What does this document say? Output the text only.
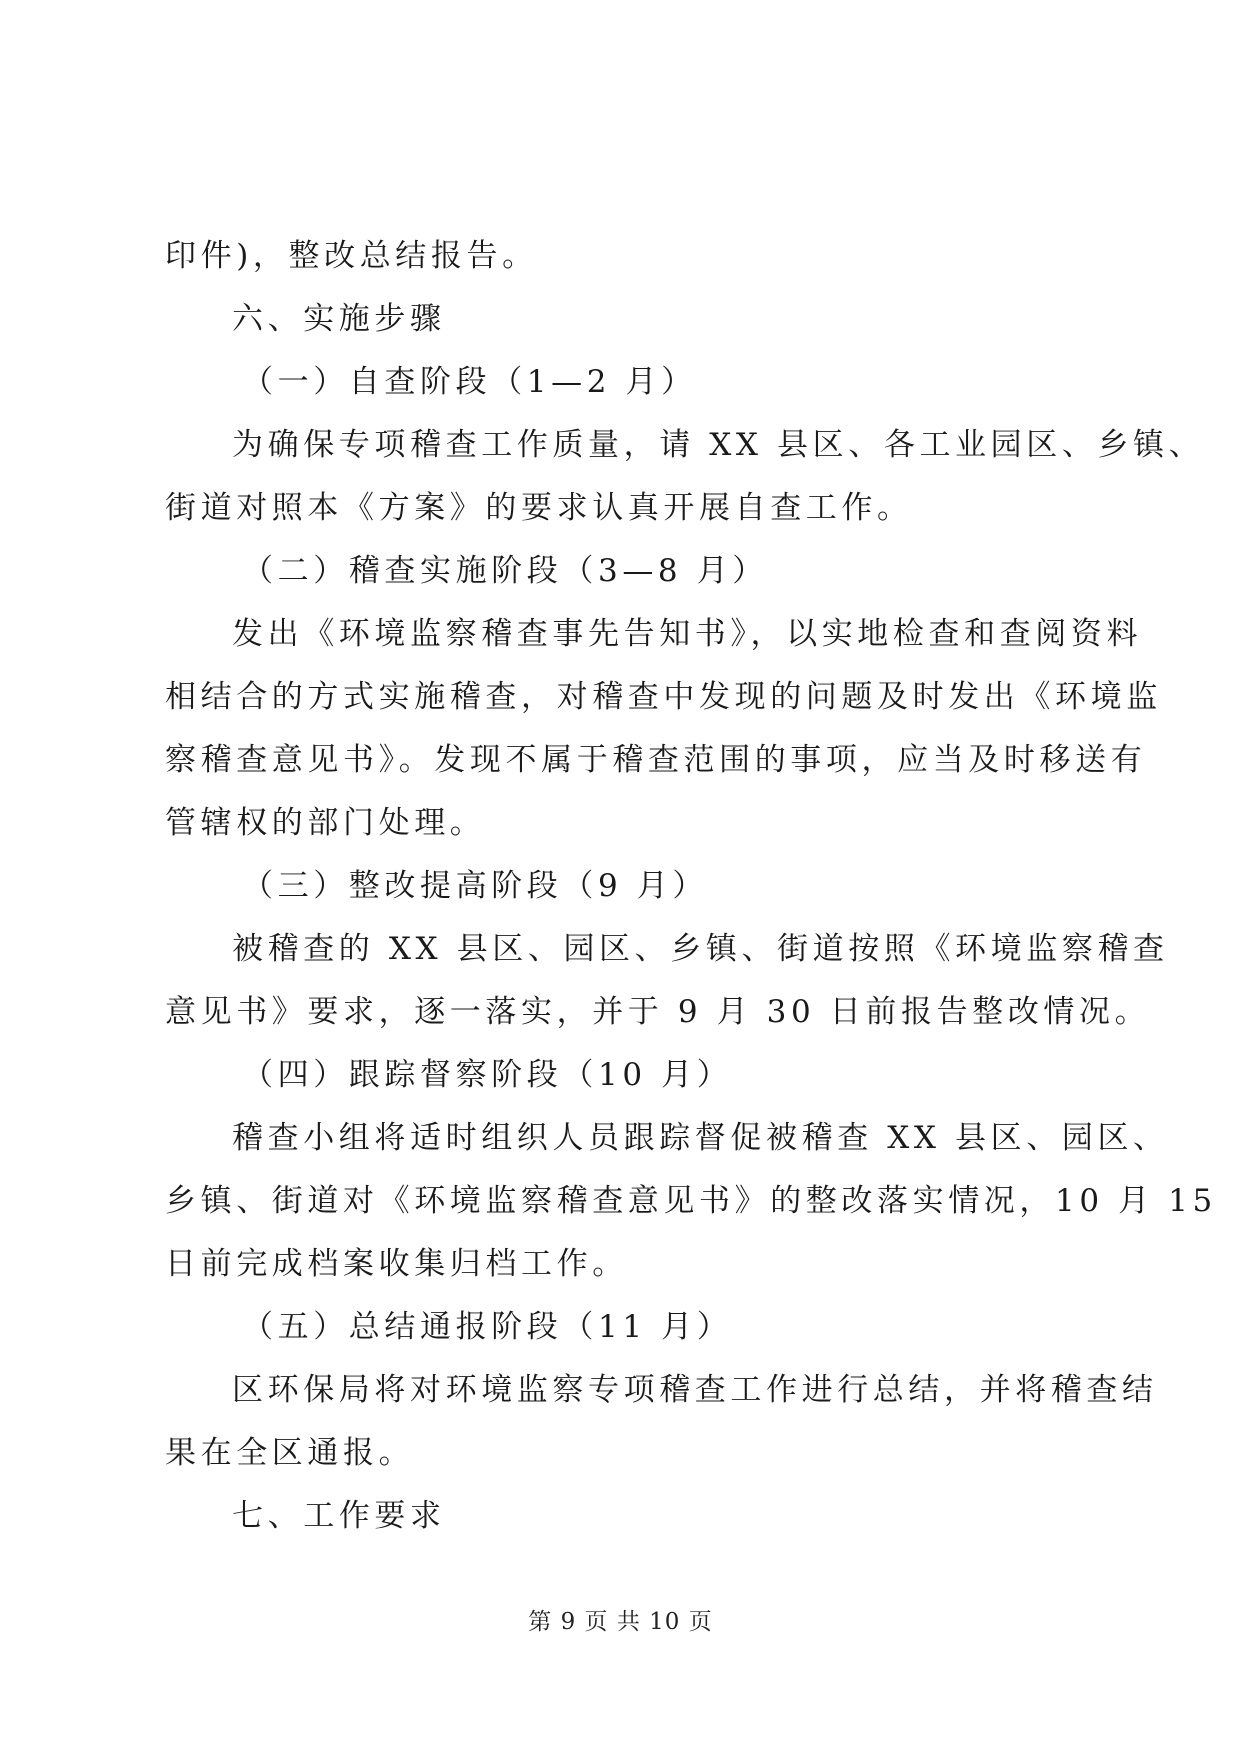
印件)，整改总结报告。
六、实施步骤
（一）自查阶段（1—2 月）
为确保专项稽查工作质量，请 XX 县区、各工业园区、乡镇、
街道对照本《方案》的要求认真开展自查工作。
（二）稽查实施阶段（3—8 月）
发出《环境监察稽查事先告知书》，以实地检查和查阅资料
相结合的方式实施稽查，对稽查中发现的问题及时发出《环境监
察稽查意见书》。发现不属于稽查范围的事项，应当及时移送有
管辖权的部门处理。
（三）整改提高阶段（9 月）
被稽查的 XX 县区、园区、乡镇、街道按照《环境监察稽查
意见书》要求，逐一落实，并于 9 月 30 日前报告整改情况。
（四）跟踪督察阶段（10 月）
稽查小组将适时组织人员跟踪督促被稽查 XX 县区、园区、
乡镇、街道对《环境监察稽查意见书》的整改落实情况，10 月 15
日前完成档案收集归档工作。
（五）总结通报阶段（11 月）
区环保局将对环境监察专项稽查工作进行总结，并将稽查结
果在全区通报。
七、工作要求
第 9 页 共 10 页
